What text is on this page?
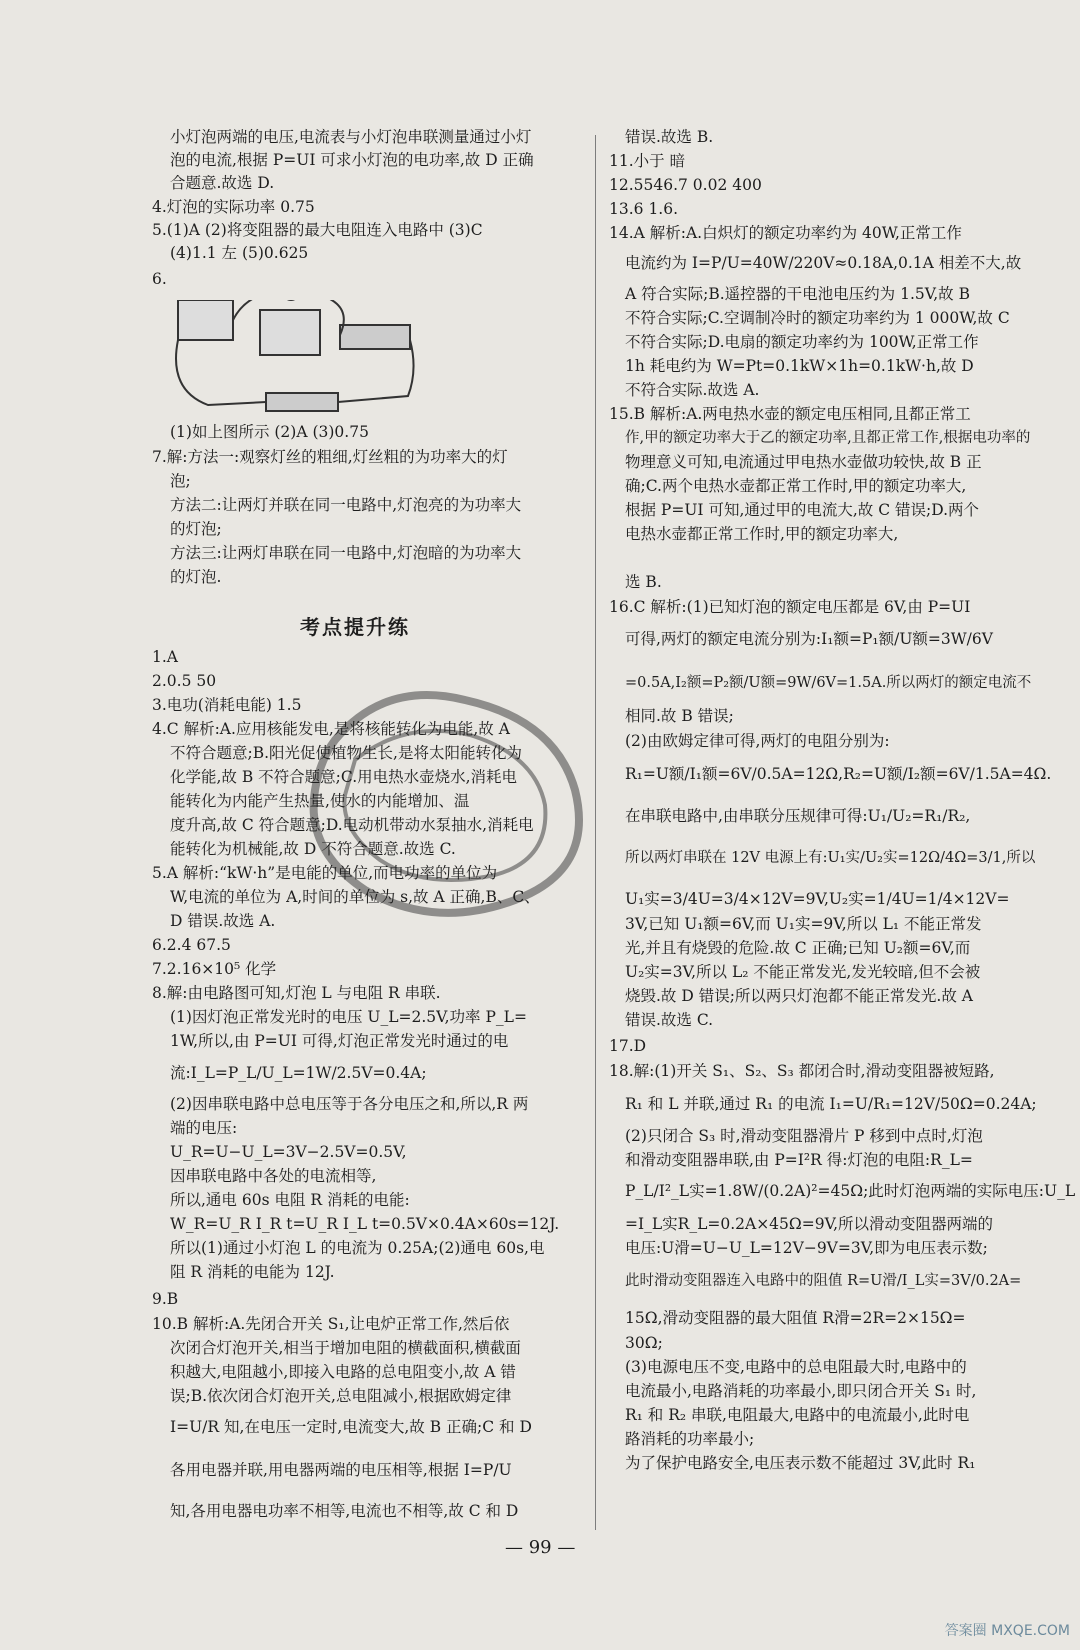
小灯泡两端的电压,电流表与小灯泡串联测量通过小灯
泡的电流,根据 P=UI 可求小灯泡的电功率,故 D 正确
合题意.故选 D.
4.灯泡的实际功率 0.75
5.(1)A (2)将变阻器的最大电阻连入电路中 (3)C
(4)1.1 左 (5)0.625
6.
(1)如上图所示 (2)A (3)0.75
7.解:方法一:观察灯丝的粗细,灯丝粗的为功率大的灯
泡;
方法二:让两灯并联在同一电路中,灯泡亮的为功率大
的灯泡;
方法三:让两灯串联在同一电路中,灯泡暗的为功率大
的灯泡.
1.A
2.0.5 50
3.电功(消耗电能) 1.5
4.C 解析:A.应用核能发电,是将核能转化为电能,故 A
不符合题意;B.阳光促使植物生长,是将太阳能转化为
化学能,故 B 不符合题意;C.用电热水壶烧水,消耗电
能转化为内能产生热量,使水的内能增加、温
度升高,故 C 符合题意;D.电动机带动水泵抽水,消耗电
能转化为机械能,故 D 不符合题意.故选 C.
5.A 解析:“kW·h”是电能的单位,而电功率的单位为
W,电流的单位为 A,时间的单位为 s,故 A 正确,B、C、
D 错误.故选 A.
6.2.4 67.5
7.2.16×10⁵ 化学
8.解:由电路图可知,灯泡 L 与电阻 R 串联.
(1)因灯泡正常发光时的电压 U_L=2.5V,功率 P_L=
1W,所以,由 P=UI 可得,灯泡正常发光时通过的电
流:I_L=P_L/U_L=1W/2.5V=0.4A;
(2)因串联电路中总电压等于各分电压之和,所以,R 两
端的电压:
U_R=U−U_L=3V−2.5V=0.5V,
因串联电路中各处的电流相等,
所以,通电 60s 电阻 R 消耗的电能:
W_R=U_R I_R t=U_R I_L t=0.5V×0.4A×60s=12J.
所以(1)通过小灯泡 L 的电流为 0.25A;(2)通电 60s,电
阻 R 消耗的电能为 12J.
9.B
10.B 解析:A.先闭合开关 S₁,让电炉正常工作,然后依
次闭合灯泡开关,相当于增加电阻的横截面积,横截面
积越大,电阻越小,即接入电路的总电阻变小,故 A 错
误;B.依次闭合灯泡开关,总电阻减小,根据欧姆定律
I=U/R 知,在电压一定时,电流变大,故 B 正确;C 和 D
各用电器并联,用电器两端的电压相等,根据 I=P/U
知,各用电器电功率不相等,电流也不相等,故 C 和 D
考点提升练
错误.故选 B.
11.小于 暗
12.5546.7 0.02 400
13.6 1.6.
14.A 解析:A.白炽灯的额定功率约为 40W,正常工作
电流约为 I=P/U=40W/220V≈0.18A,0.1A 相差不大,故
A 符合实际;B.遥控器的干电池电压约为 1.5V,故 B
不符合实际;C.空调制冷时的额定功率约为 1 000W,故 C
不符合实际;D.电扇的额定功率约为 100W,正常工作
1h 耗电约为 W=Pt=0.1kW×1h=0.1kW·h,故 D
不符合实际.故选 A.
15.B 解析:A.两电热水壶的额定电压相同,且都正常工
作,甲的额定功率大于乙的额定功率,且都正常工作,根据电功率的
物理意义可知,电流通过甲电热水壶做功较快,故 B 正
确;C.两个电热水壶都正常工作时,甲的额定功率大,
根据 P=UI 可知,通过甲的电流大,故 C 错误;D.两个
电热水壶都正常工作时,甲的额定功率大,
选 B.
16.C 解析:(1)已知灯泡的额定电压都是 6V,由 P=UI
可得,两灯的额定电流分别为:I₁额=P₁额/U额=3W/6V
=0.5A,I₂额=P₂额/U额=9W/6V=1.5A.所以两灯的额定电流不
相同.故 B 错误;
(2)由欧姆定律可得,两灯的电阻分别为:
R₁=U额/I₁额=6V/0.5A=12Ω,R₂=U额/I₂额=6V/1.5A=4Ω.
在串联电路中,由串联分压规律可得:U₁/U₂=R₁/R₂,
所以两灯串联在 12V 电源上有:U₁实/U₂实=12Ω/4Ω=3/1,所以
U₁实=3/4U=3/4×12V=9V,U₂实=1/4U=1/4×12V=
3V,已知 U₁额=6V,而 U₁实=9V,所以 L₁ 不能正常发
光,并且有烧毁的危险.故 C 正确;已知 U₂额=6V,而
U₂实=3V,所以 L₂ 不能正常发光,发光较暗,但不会被
烧毁.故 D 错误;所以两只灯泡都不能正常发光.故 A
错误.故选 C.
17.D
18.解:(1)开关 S₁、S₂、S₃ 都闭合时,滑动变阻器被短路,
R₁ 和 L 并联,通过 R₁ 的电流 I₁=U/R₁=12V/50Ω=0.24A;
(2)只闭合 S₃ 时,滑动变阻器滑片 P 移到中点时,灯泡
和滑动变阻器串联,由 P=I²R 得:灯泡的电阻:R_L=
P_L/I²_L实=1.8W/(0.2A)²=45Ω;此时灯泡两端的实际电压:U_L
=I_L实R_L=0.2A×45Ω=9V,所以滑动变阻器两端的
电压:U滑=U−U_L=12V−9V=3V,即为电压表示数;
此时滑动变阻器连入电路中的阻值 R=U滑/I_L实=3V/0.2A=
15Ω,滑动变阻器的最大阻值 R滑=2R=2×15Ω=
30Ω;
(3)电源电压不变,电路中的总电阻最大时,电路中的
电流最小,电路消耗的功率最小,即只闭合开关 S₁ 时,
R₁ 和 R₂ 串联,电阻最大,电路中的电流最小,此时电
路消耗的功率最小;
为了保护电路安全,电压表示数不能超过 3V,此时 R₁
— 99 —
答案圈 MXQE.COM
